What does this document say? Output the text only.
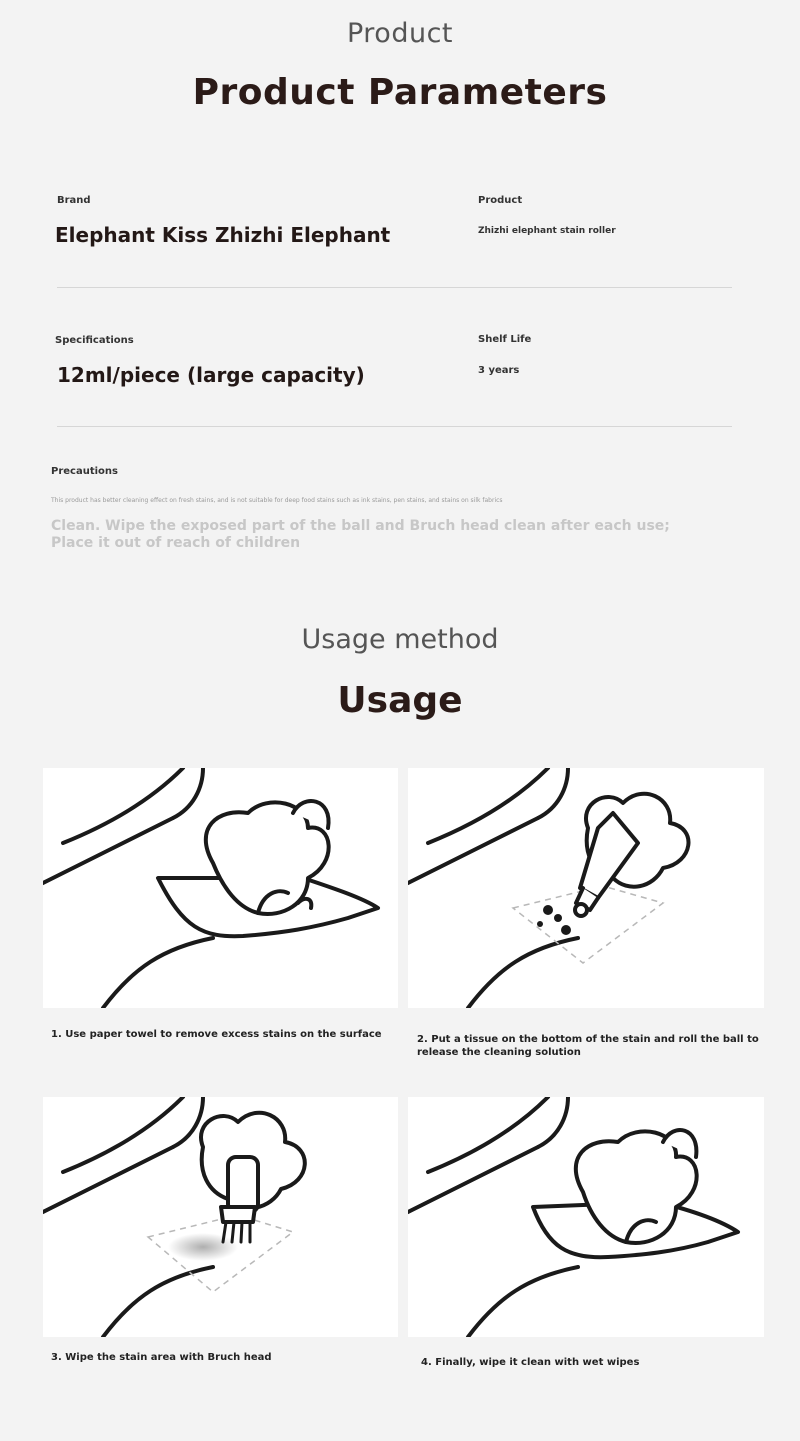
Product
Product Parameters
Brand
Elephant Kiss Zhizhi Elephant
Product
Zhizhi elephant stain roller
Specifications
12ml/piece (large capacity)
Shelf Life
3 years
Precautions
This product has better cleaning effect on fresh stains, and is not suitable for deep food stains such as ink stains, pen stains, and stains on silk fabrics
Clean. Wipe the exposed part of the ball and Bruch head clean after each use;
Place it out of reach of children
Usage method
Usage
1. Use paper towel to remove excess stains on the surface	2. Put a tissue on the bottom of the stain and roll the ball to
release the cleaning solution
3. Wipe the stain area with Bruch head	4. Finally, wipe it clean with wet wipes
